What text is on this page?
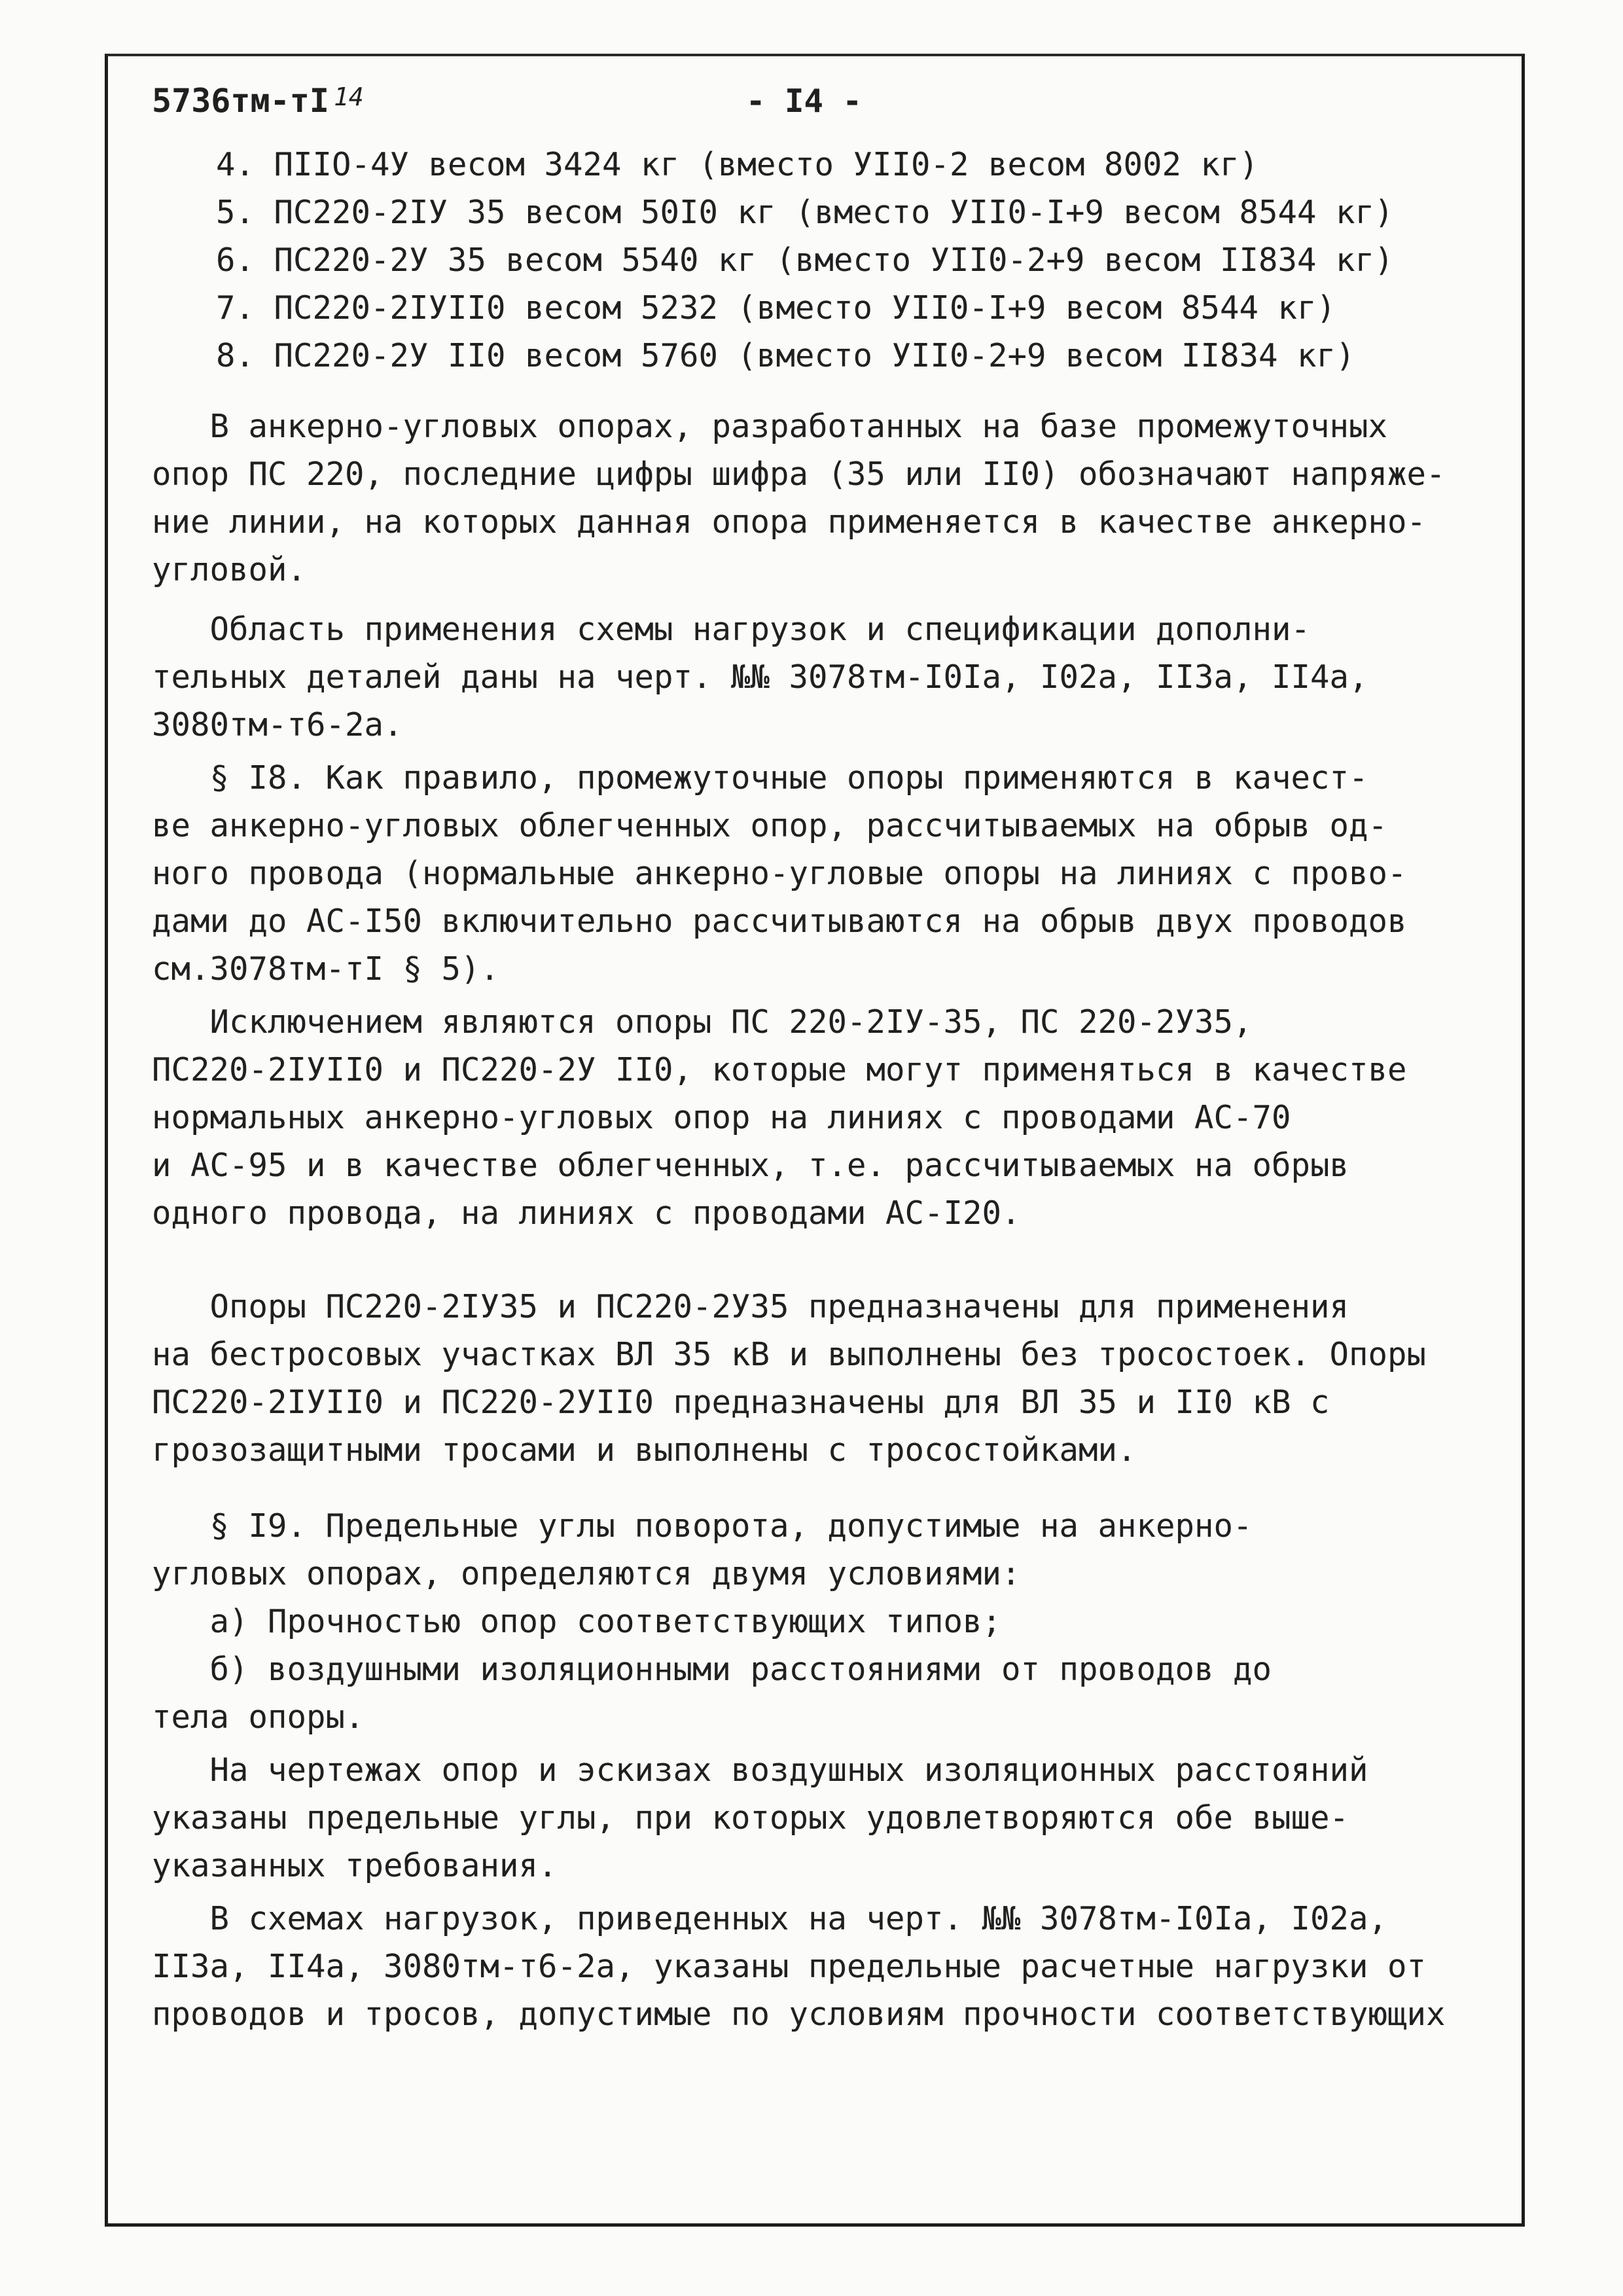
5736тм-тI 14	- I4 -
4. ПIIО-4У весом 3424 кг (вместо УII0-2 весом 8002 кг)
5. ПС220-2IУ 35 весом 50I0 кг (вместо УII0-I+9 весом 8544 кг)
6. ПС220-2У 35 весом 5540 кг (вместо УII0-2+9 весом II834 кг)
7. ПС220-2IУII0 весом 5232 (вместо УII0-I+9 весом 8544 кг)
8. ПС220-2У II0 весом 5760 (вместо УII0-2+9 весом II834 кг)
В анкерно-угловых опорах, разработанных на базе промежуточных
опор ПС 220, последние цифры шифра (35 или II0) обозначают напряже-
ние линии, на которых данная опора применяется в качестве анкерно-
угловой.
Область применения схемы нагрузок и спецификации дополни-
тельных деталей даны на черт. №№ 3078тм-I0Iа, I02а, II3а, II4а,
3080тм-т6-2а.
§ I8. Как правило, промежуточные опоры применяются в качест-
ве анкерно-угловых облегченных опор, рассчитываемых на обрыв од-
ного провода (нормальные анкерно-угловые опоры на линиях с прово-
дами до АС-I50 включительно рассчитываются на обрыв двух проводов
см.3078тм-тI § 5).
Исключением являются опоры ПС 220-2IУ-35, ПС 220-2У35,
ПС220-2IУII0 и ПС220-2У II0, которые могут применяться в качестве
нормальных анкерно-угловых опор на линиях с проводами АС-70
и АС-95 и в качестве облегченных, т.е. рассчитываемых на обрыв
одного провода, на линиях с проводами АС-I20.
Опоры ПС220-2IУ35 и ПС220-2У35 предназначены для применения
на бестросовых участках ВЛ 35 кВ и выполнены без тросостоек. Опоры
ПС220-2IУII0 и ПС220-2УII0 предназначены для ВЛ 35 и II0 кВ с
грозозащитными тросами и выполнены с тросостойками.
§ I9. Предельные углы поворота, допустимые на анкерно-
угловых опорах, определяются двумя условиями:
а) Прочностью опор соответствующих типов;
б) воздушными изоляционными расстояниями от проводов до
тела опоры.
На чертежах опор и эскизах воздушных изоляционных расстояний
указаны предельные углы, при которых удовлетворяются обе выше-
указанных требования.
В схемах нагрузок, приведенных на черт. №№ 3078тм-I0Iа, I02а,
II3а, II4а, 3080тм-т6-2а, указаны предельные расчетные нагрузки от
проводов и тросов, допустимые по условиям прочности соответствующих
